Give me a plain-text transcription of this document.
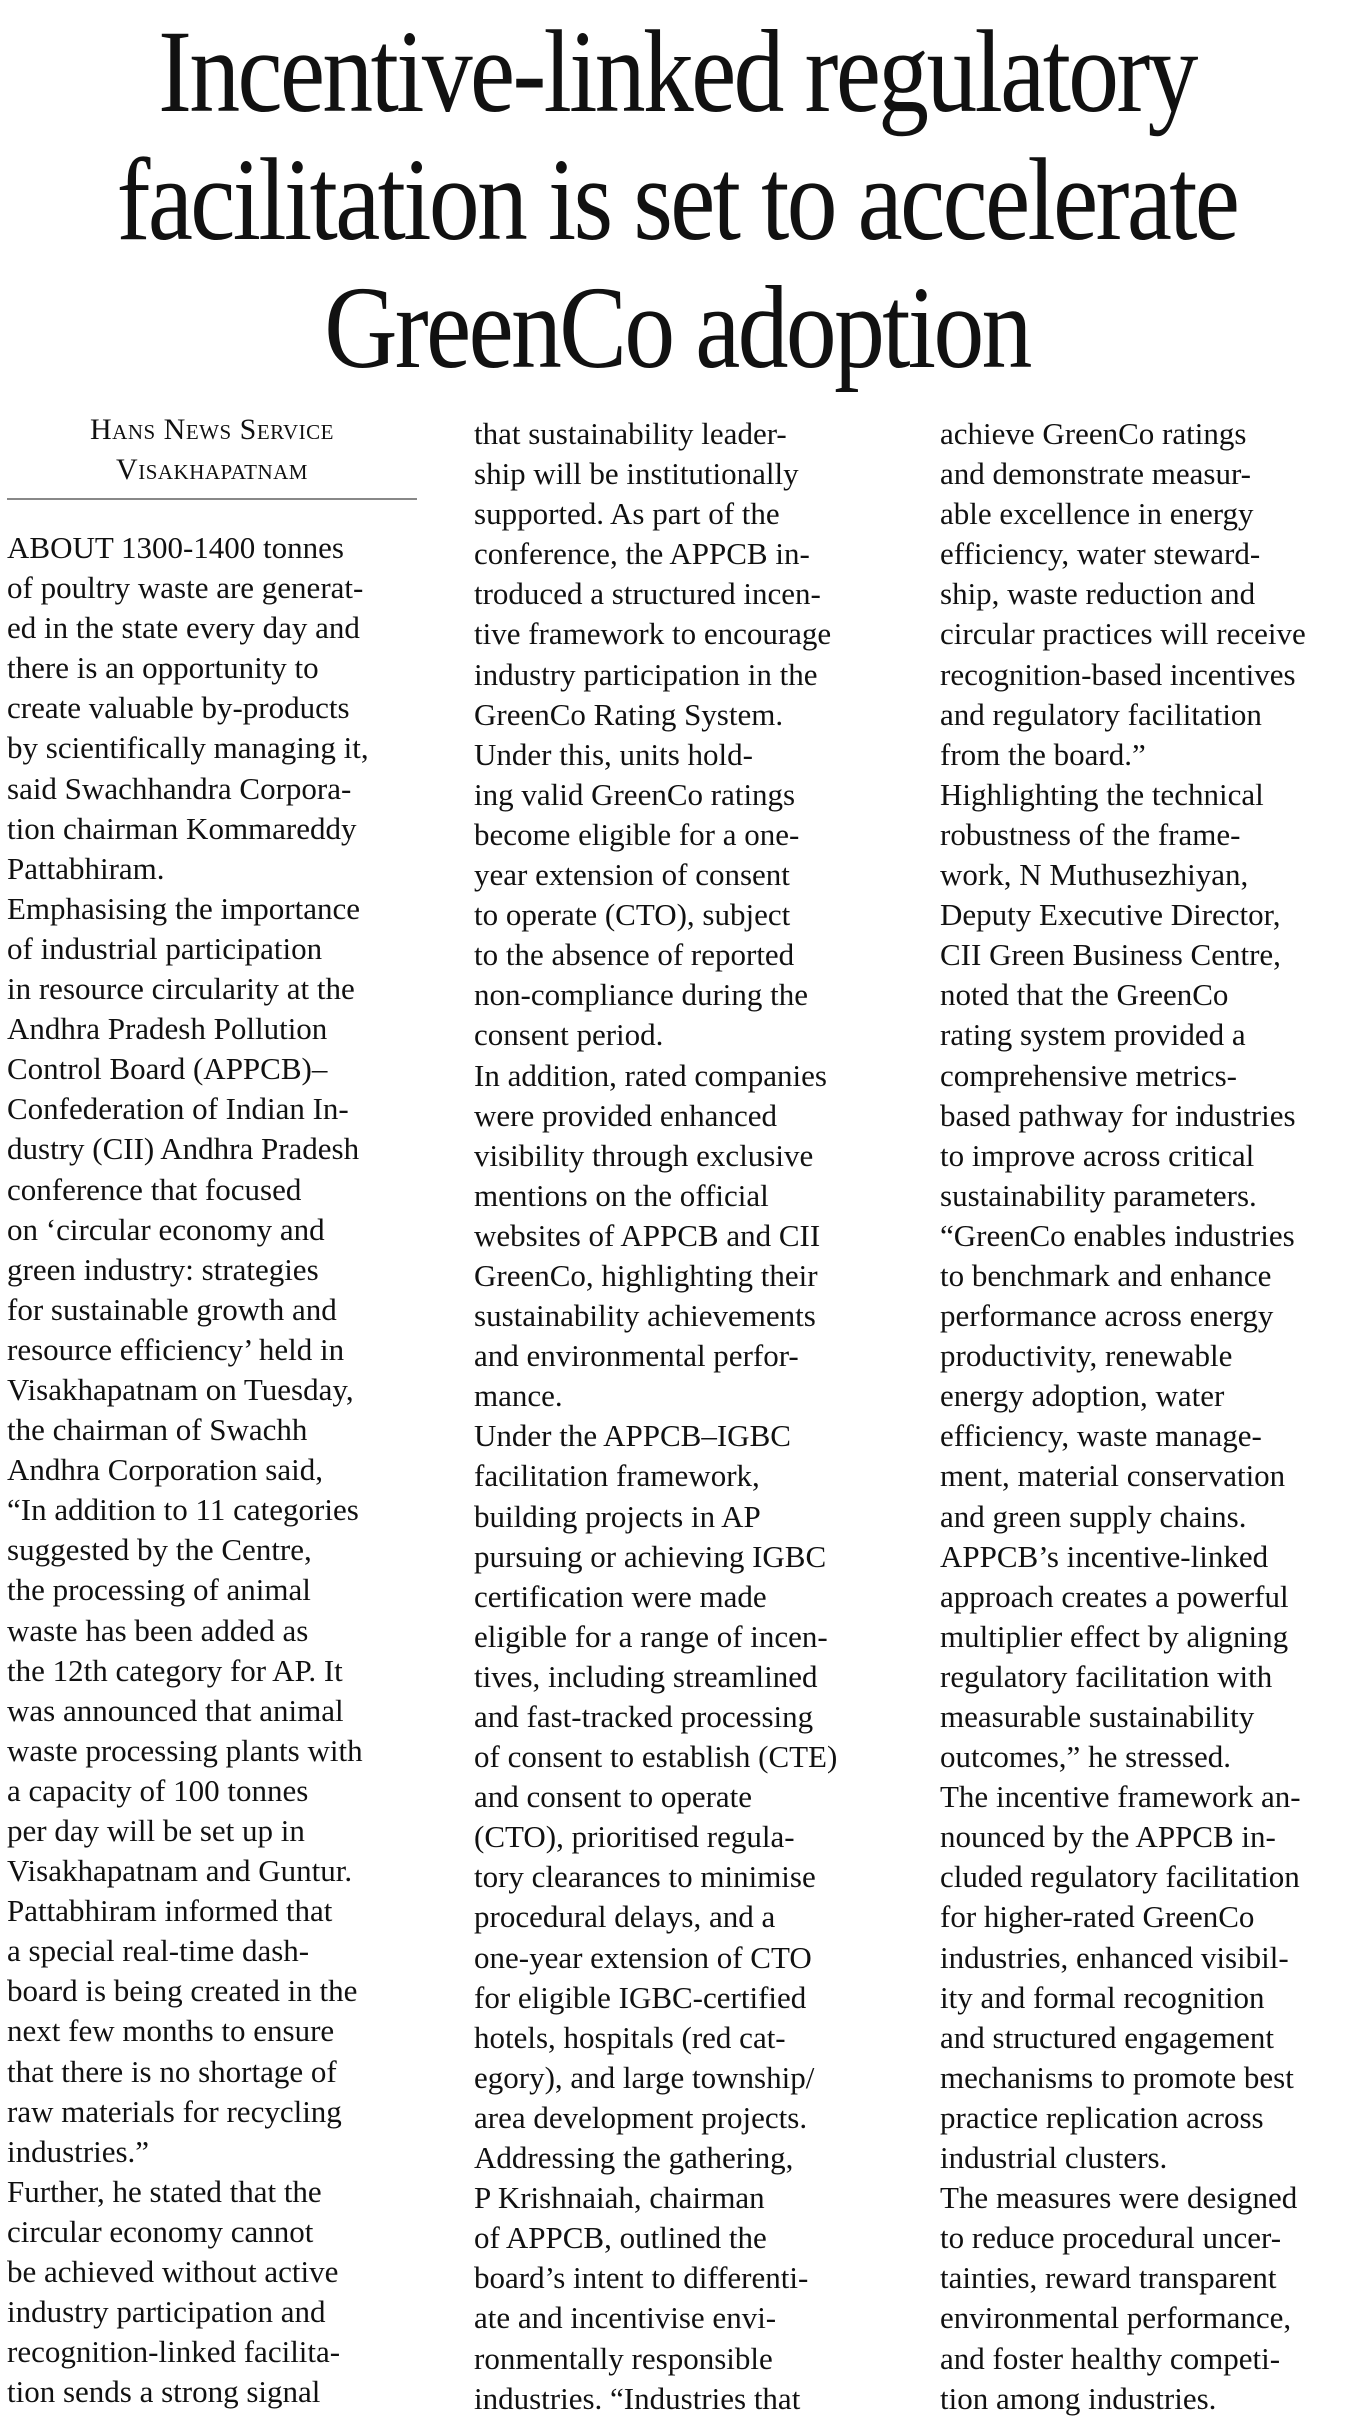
Incentive-linked regulatory
facilitation is set to accelerate
GreenCo adoption
Hans News Service
Visakhapatnam
ABOUT 1300-1400 tonnes
of poultry waste are generat-
ed in the state every day and
there is an opportunity to
create valuable by-products
by scientifically managing it,
said Swachhandra Corpora-
tion chairman Kommareddy
Pattabhiram.
Emphasising the importance
of industrial participation
in resource circularity at the
Andhra Pradesh Pollution
Control Board (APPCB)–
Confederation of Indian In-
dustry (CII) Andhra Pradesh
conference that focused
on ‘circular economy and
green industry: strategies
for sustainable growth and
resource efficiency’ held in
Visakhapatnam on Tuesday,
the chairman of Swachh
Andhra Corporation said,
“In addition to 11 categories
suggested by the Centre,
the processing of animal
waste has been added as
the 12th category for AP. It
was announced that animal
waste processing plants with
a capacity of 100 tonnes
per day will be set up in
Visakhapatnam and Guntur.
Pattabhiram informed that
a special real-time dash-
board is being created in the
next few months to ensure
that there is no shortage of
raw materials for recycling
industries.”
Further, he stated that the
circular economy cannot
be achieved without active
industry participation and
recognition-linked facilita-
tion sends a strong signal
that sustainability leader-
ship will be institutionally
supported. As part of the
conference, the APPCB in-
troduced a structured incen-
tive framework to encourage
industry participation in the
GreenCo Rating System.
Under this, units hold-
ing valid GreenCo ratings
become eligible for a one-
year extension of consent
to operate (CTO), subject
to the absence of reported
non-compliance during the
consent period.
In addition, rated companies
were provided enhanced
visibility through exclusive
mentions on the official
websites of APPCB and CII
GreenCo, highlighting their
sustainability achievements
and environmental perfor-
mance.
Under the APPCB–IGBC
facilitation framework,
building projects in AP
pursuing or achieving IGBC
certification were made
eligible for a range of incen-
tives, including streamlined
and fast-tracked processing
of consent to establish (CTE)
and consent to operate
(CTO), prioritised regula-
tory clearances to minimise
procedural delays, and a
one-year extension of CTO
for eligible IGBC-certified
hotels, hospitals (red cat-
egory), and large township/
area development projects.
Addressing the gathering,
P Krishnaiah, chairman
of APPCB, outlined the
board’s intent to differenti-
ate and incentivise envi-
ronmentally responsible
industries. “Industries that
achieve GreenCo ratings
and demonstrate measur-
able excellence in energy
efficiency, water steward-
ship, waste reduction and
circular practices will receive
recognition-based incentives
and regulatory facilitation
from the board.”
Highlighting the technical
robustness of the frame-
work, N Muthusezhiyan,
Deputy Executive Director,
CII Green Business Centre,
noted that the GreenCo
rating system provided a
comprehensive metrics-
based pathway for industries
to improve across critical
sustainability parameters.
“GreenCo enables industries
to benchmark and enhance
performance across energy
productivity, renewable
energy adoption, water
efficiency, waste manage-
ment, material conservation
and green supply chains.
APPCB’s incentive-linked
approach creates a powerful
multiplier effect by aligning
regulatory facilitation with
measurable sustainability
outcomes,” he stressed.
The incentive framework an-
nounced by the APPCB in-
cluded regulatory facilitation
for higher-rated GreenCo
industries, enhanced visibil-
ity and formal recognition
and structured engagement
mechanisms to promote best
practice replication across
industrial clusters.
The measures were designed
to reduce procedural uncer-
tainties, reward transparent
environmental performance,
and foster healthy competi-
tion among industries.
